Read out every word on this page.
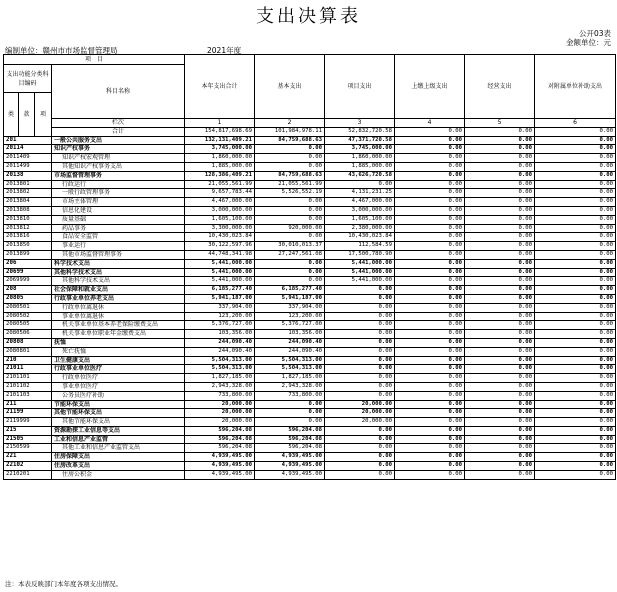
支出决算表
公开03表
金额单位：元
编制单位：赣州市市场监督管理局	2021年度
项　目				本年支出合计	基本支出	项目支出	上缴上级支出	经营支出	对附属单位补助支出
支出功能分类科目编码			科目名称						
类	款	项							
			栏次	1	2	3	4	5	6
			合计	154,817,698.69	101,984,978.11	52,832,720.58	0.00	0.00	0.00
201			一般公共服务支出	132,131,409.21	84,759,688.63	47,371,720.58	0.00	0.00	0.00
20114			知识产权事务	3,745,000.00	0.00	3,745,000.00	0.00	0.00	0.00
2011409			知识产权宏观管理	1,860,000.00	0.00	1,860,000.00	0.00	0.00	0.00
2011499			其他知识产权事务支出	1,885,000.00	0.00	1,885,000.00	0.00	0.00	0.00
20138			市场监督管理事务	128,386,409.21	84,759,688.63	43,626,720.58	0.00	0.00	0.00
2013801			行政运行	21,055,561.99	21,055,561.99	0.00	0.00	0.00	0.00
2013802			一般行政管理事务	9,657,783.44	5,526,552.19	4,131,231.25	0.00	0.00	0.00
2013804			市场主体管理	4,467,000.00	0.00	4,467,000.00	0.00	0.00	0.00
2013808			信息化建设	3,000,000.00	0.00	3,000,000.00	0.00	0.00	0.00
2013810			质量基础	1,605,100.00	0.00	1,605,100.00	0.00	0.00	0.00
2013812			药品事务	3,300,000.00	920,000.00	2,380,000.00	0.00	0.00	0.00
2013816			食品安全监管	10,430,023.84	0.00	10,430,023.84	0.00	0.00	0.00
2013850			事业运行	30,122,597.96	30,010,013.37	112,584.59	0.00	0.00	0.00
2013899			其他市场监督管理事务	44,748,341.98	27,247,561.08	17,500,780.90	0.00	0.00	0.00
206			科学技术支出	5,441,000.00	0.00	5,441,000.00	0.00	0.00	0.00
20699			其他科学技术支出	5,441,000.00	0.00	5,441,000.00	0.00	0.00	0.00
2069999			其他科学技术支出	5,441,000.00	0.00	5,441,000.00	0.00	0.00	0.00
208			社会保障和就业支出	6,185,277.40	6,185,277.40	0.00	0.00	0.00	0.00
20805			行政事业单位养老支出	5,941,187.00	5,941,187.00	0.00	0.00	0.00	0.00
2080501			行政单位离退休	337,904.00	337,904.00	0.00	0.00	0.00	0.00
2080502			事业单位离退休	123,200.00	123,200.00	0.00	0.00	0.00	0.00
2080505			机关事业单位基本养老保险缴费支出	5,376,727.00	5,376,727.00	0.00	0.00	0.00	0.00
2080506			机关事业单位职业年金缴费支出	103,356.00	103,356.00	0.00	0.00	0.00	0.00
20808			抚恤	244,090.40	244,090.40	0.00	0.00	0.00	0.00
2080801			死亡抚恤	244,090.40	244,090.40	0.00	0.00	0.00	0.00
210			卫生健康支出	5,504,313.00	5,504,313.00	0.00	0.00	0.00	0.00
21011			行政事业单位医疗	5,504,313.00	5,504,313.00	0.00	0.00	0.00	0.00
2101101			行政单位医疗	1,827,185.00	1,827,185.00	0.00	0.00	0.00	0.00
2101102			事业单位医疗	2,943,328.00	2,943,328.00	0.00	0.00	0.00	0.00
2101103			公务员医疗补助	733,800.00	733,800.00	0.00	0.00	0.00	0.00
211			节能环保支出	20,000.00	0.00	20,000.00	0.00	0.00	0.00
21199			其他节能环保支出	20,000.00	0.00	20,000.00	0.00	0.00	0.00
2119999			其他节能环保支出	20,000.00	0.00	20,000.00	0.00	0.00	0.00
215			资源勘探工业信息等支出	596,204.08	596,204.08	0.00	0.00	0.00	0.00
21505			工业和信息产业监管	596,204.08	596,204.08	0.00	0.00	0.00	0.00
2150599			其他工业和信息产业监管支出	596,204.08	596,204.08	0.00	0.00	0.00	0.00
221			住房保障支出	4,939,495.00	4,939,495.00	0.00	0.00	0.00	0.00
22102			住房改革支出	4,939,495.00	4,939,495.00	0.00	0.00	0.00	0.00
2210201			住房公积金	4,939,495.00	4,939,495.00	0.00	0.00	0.00	0.00
注：本表反映部门本年度各项支出情况。
